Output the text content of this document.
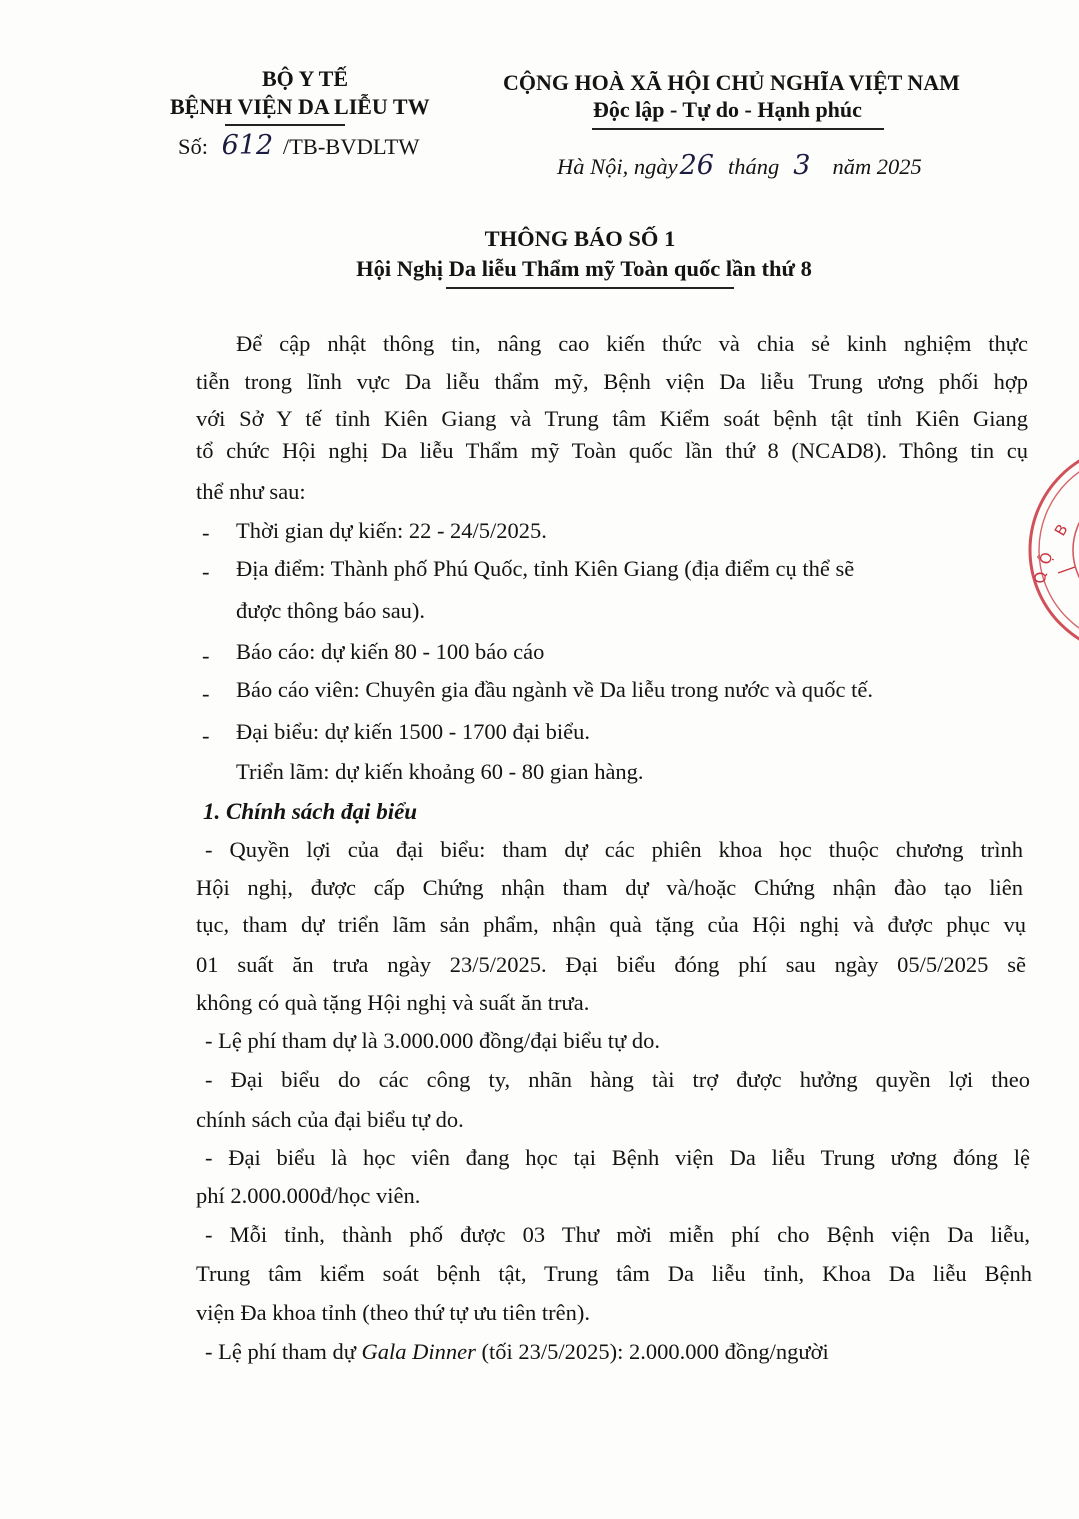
BỘ Y TẾ
BỆNH VIỆN DA LIỄU TW
Số: 612 /TB-BVDLTW
CỘNG HOÀ XÃ HỘI CHỦ NGHĨA VIỆT NAM
Độc lập - Tự do - Hạnh phúc
Hà Nội, ngày26 tháng 3 năm 2025
THÔNG BÁO SỐ 1
Hội Nghị Da liễu Thẩm mỹ Toàn quốc lần thứ 8
Để cập nhật thông tin, nâng cao kiến thức và chia sẻ kinh nghiệm thực
tiễn trong lĩnh vực Da liễu thẩm mỹ, Bệnh viện Da liễu Trung ương phối hợp
với Sở Y tế tỉnh Kiên Giang và Trung tâm Kiểm soát bệnh tật tỉnh Kiên Giang
tổ chức Hội nghị Da liễu Thẩm mỹ Toàn quốc lần thứ 8 (NCAD8). Thông tin cụ
thể như sau:
- Thời gian dự kiến: 22 - 24/5/2025.
- Địa điểm: Thành phố Phú Quốc, tỉnh Kiên Giang (địa điểm cụ thể sẽ
được thông báo sau).
- Báo cáo: dự kiến 80 - 100 báo cáo
- Báo cáo viên: Chuyên gia đầu ngành về Da liễu trong nước và quốc tế.
- Đại biểu: dự kiến 1500 - 1700 đại biểu.
Triển lãm: dự kiến khoảng 60 - 80 gian hàng.
1. Chính sách đại biểu
- Quyền lợi của đại biểu: tham dự các phiên khoa học thuộc chương trình
Hội nghị, được cấp Chứng nhận tham dự và/hoặc Chứng nhận đào tạo liên
tục, tham dự triển lãm sản phẩm, nhận quà tặng của Hội nghị và được phục vụ
01 suất ăn trưa ngày 23/5/2025. Đại biểu đóng phí sau ngày 05/5/2025 sẽ
không có quà tặng Hội nghị và suất ăn trưa.
- Lệ phí tham dự là 3.000.000 đồng/đại biểu tự do.
- Đại biểu do các công ty, nhãn hàng tài trợ được hưởng quyền lợi theo
chính sách của đại biểu tự do.
- Đại biểu là học viên đang học tại Bệnh viện Da liễu Trung ương đóng lệ
phí 2.000.000đ/học viên.
- Mỗi tỉnh, thành phố được 03 Thư mời miễn phí cho Bệnh viện Da liễu,
Trung tâm kiểm soát bệnh tật, Trung tâm Da liễu tỉnh, Khoa Da liễu Bệnh
viện Đa khoa tỉnh (theo thứ tự ưu tiên trên).
- Lệ phí tham dự Gala Dinner (tối 23/5/2025): 2.000.000 đồng/người
B
Ộ
Q
